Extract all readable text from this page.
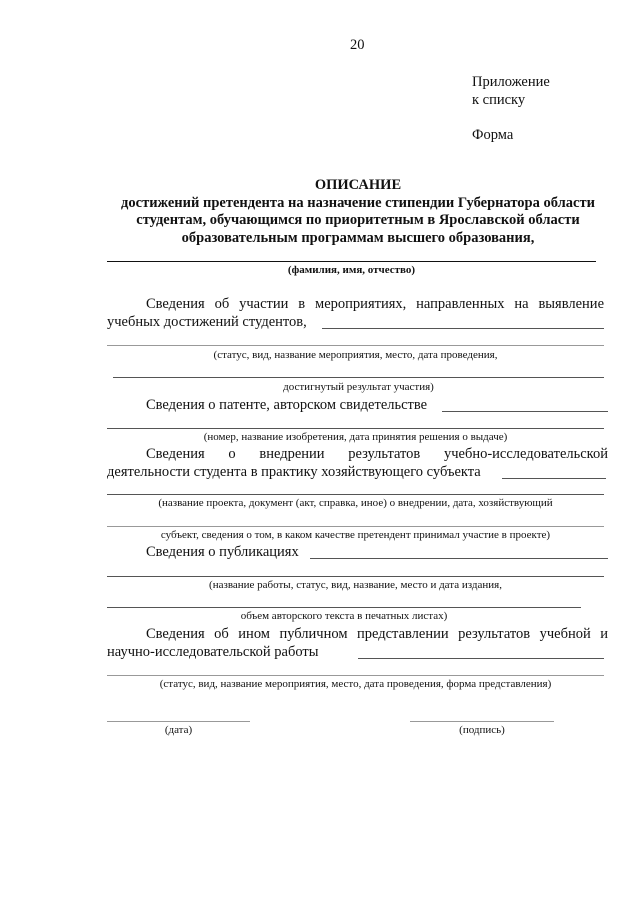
20
Приложение
к списку
Форма
ОПИСАНИЕ
достижений претендента на назначение стипендии Губернатора области
студентам, обучающимся по приоритетным в Ярославской области
образовательным программам высшего образования,
(фамилия, имя, отчество)
Сведения об участии в мероприятиях, направленных на выявление
учебных достижений студентов,
(статус, вид, название мероприятия, место, дата проведения,
достигнутый результат участия)
Сведения о патенте, авторском свидетельстве
(номер, название изобретения, дата принятия решения о выдаче)
Сведения о внедрении результатов учебно-исследовательской
деятельности студента в практику хозяйствующего субъекта
(название проекта, документ (акт, справка, иное) о внедрении, дата, хозяйствующий
субъект, сведения о том, в каком качестве претендент принимал участие в проекте)
Сведения о публикациях
(название работы, статус, вид, название, место и дата издания,
объем авторского текста в печатных листах)
Сведения об ином публичном представлении результатов учебной и
научно-исследовательской работы
(статус, вид, название мероприятия, место, дата проведения, форма представления)
(дата)	(подпись)
